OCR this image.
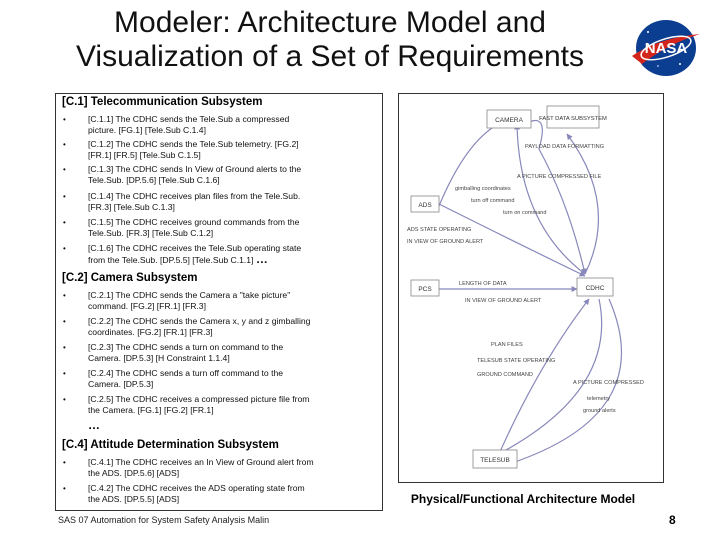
Modeler: Architecture Model and
Visualization of a Set of Requirements	NASA
[C.1] Telecommunication Subsystem
•	[C.1.1] The CDHC sends the Tele.Sub a compressed
picture. [FG.1] [Tele.Sub C.1.4]
•	[C.1.2] The CDHC sends the Tele.Sub telemetry. [FG.2]
[FR.1] [FR.5] [Tele.Sub C.1.5]
•	[C.1.3] The CDHC sends In View of Ground alerts to the
Tele.Sub. [DP.5.6] [Tele.Sub C.1.6]
•	[C.1.4] The CDHC receives plan files from the Tele.Sub.
[FR.3] [Tele.Sub C.1.3]
•	[C.1.5] The CDHC receives ground commands from the
Tele.Sub. [FR.3] [Tele.Sub C.1.2]
•	[C.1.6] The CDHC receives the Tele.Sub operating state
from the Tele.Sub. [DP.5.5] [Tele.Sub C.1.1] …
[C.2] Camera Subsystem
•	[C.2.1] The CDHC sends the Camera a "take picture"
command. [FG.2] [FR.1] [FR.3]
•	[C.2.2] The CDHC sends the Camera x, y and z gimballing
coordinates. [FG.2] [FR.1] [FR.3]
•	[C.2.3] The CDHC sends a turn on command to the
Camera. [DP.5.3] [H Constraint 1.1.4]
•	[C.2.4] The CDHC sends a turn off command to the
Camera. [DP.5.3]
•	[C.2.5] The CDHC receives a compressed picture file from
the Camera. [FG.1] [FG.2] [FR.1]
…
[C.4] Attitude Determination Subsystem
•	[C.4.1] The CDHC receives an In View of Ground alert from
the ADS. [DP.5.6] [ADS]
•	[C.4.2] The CDHC receives the ADS operating state from
the ADS. [DP.5.5] [ADS]
CAMERA	FAST DATA SUBSYSTEM
ADS
PCS	CDHC
TELESUB
PAYLOAD DATA FORMATTING
A PICTURE COMPRESSED FILE
gimballing coordinates
turn off command
turn on command
ADS STATE OPERATING
IN VIEW OF GROUND ALERT
LENGTH OF DATA
IN VIEW OF GROUND ALERT
PLAN FILES
TELESUB STATE OPERATING
GROUND COMMAND
A PICTURE COMPRESSED
telemetry
ground alerts
Physical/Functional Architecture Model
SAS 07 Automation for System Safety Analysis Malin	8
